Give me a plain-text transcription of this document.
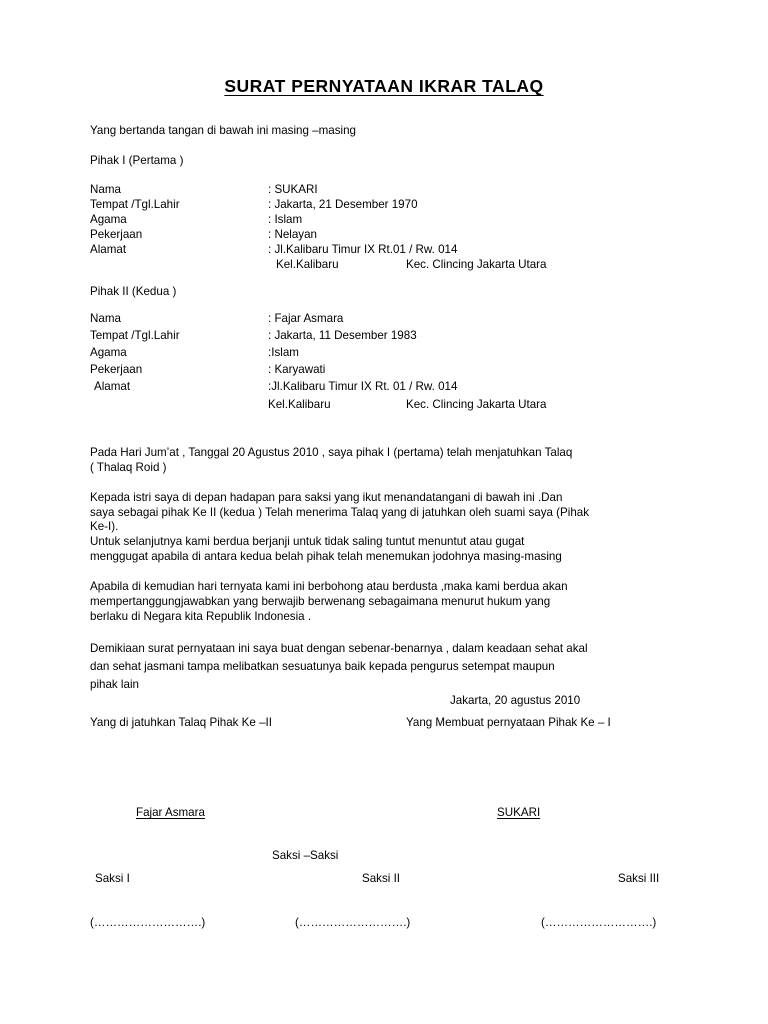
SURAT PERNYATAAN IKRAR TALAQ
Yang bertanda tangan di bawah ini masing –masing
Pihak I (Pertama )
Nama	: SUKARI
Tempat /Tgl.Lahir	: Jakarta, 21 Desember 1970
Agama	: Islam
Pekerjaan	: Nelayan
Alamat	: Jl.Kalibaru Timur IX Rt.01 / Rw. 014
Kel.Kalibaru	Kec. Clincing Jakarta Utara
Pihak II (Kedua )
Nama	: Fajar Asmara
Tempat /Tgl.Lahir	: Jakarta, 11 Desember 1983
Agama	:Islam
Pekerjaan	: Karyawati
Alamat	:Jl.Kalibaru Timur IX Rt. 01 / Rw. 014
Kel.Kalibaru	Kec. Clincing Jakarta Utara
Pada Hari Jum’at , Tanggal 20 Agustus 2010 , saya pihak I (pertama) telah menjatuhkan Talaq
( Thalaq Roid )
Kepada istri saya di depan hadapan para saksi yang ikut menandatangani di bawah ini .Dan
saya sebagai pihak Ke II (kedua ) Telah menerima Talaq yang di jatuhkan oleh suami saya (Pihak
Ke-I).
Untuk selanjutnya kami berdua berjanji untuk tidak saling tuntut menuntut atau gugat
menggugat apabila di antara kedua belah pihak telah menemukan jodohnya masing-masing
Apabila di kemudian hari ternyata kami ini berbohong atau berdusta ,maka kami berdua akan
mempertanggungjawabkan yang berwajib berwenang sebagaimana menurut hukum yang
berlaku di Negara kita Republik Indonesia .
Demikiaan surat pernyataan ini saya buat dengan sebenar-benarnya , dalam keadaan sehat akal
dan sehat jasmani tampa melibatkan sesuatunya baik kepada pengurus setempat maupun
pihak lain
Jakarta, 20 agustus 2010
Yang di jatuhkan Talaq Pihak Ke –II	Yang Membuat pernyataan Pihak Ke – I
Fajar Asmara	SUKARI
Saksi –Saksi
Saksi I	Saksi II	Saksi III
(……………………….)	(……………………….)	(……………………….)
